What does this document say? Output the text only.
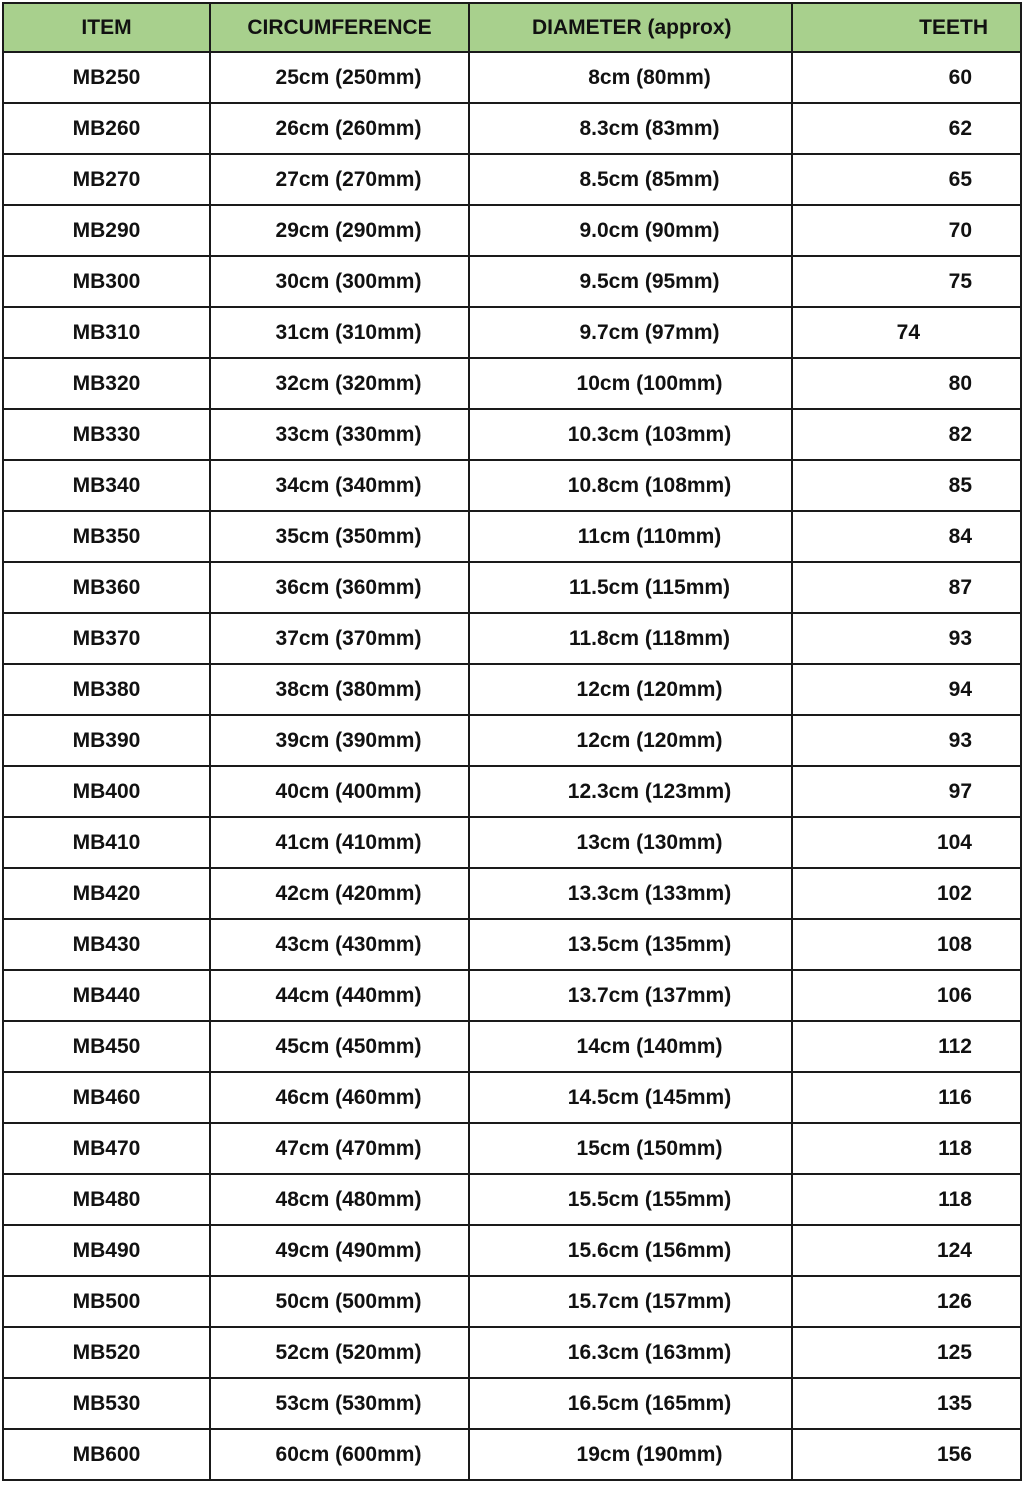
ITEM	CIRCUMFERENCE	DIAMETER (approx)	TEETH
MB250	25cm (250mm)	8cm (80mm)	60
MB260	26cm (260mm)	8.3cm (83mm)	62
MB270	27cm (270mm)	8.5cm (85mm)	65
MB290	29cm (290mm)	9.0cm (90mm)	70
MB300	30cm (300mm)	9.5cm (95mm)	75
MB310	31cm (310mm)	9.7cm (97mm)	74
MB320	32cm (320mm)	10cm (100mm)	80
MB330	33cm (330mm)	10.3cm (103mm)	82
MB340	34cm (340mm)	10.8cm (108mm)	85
MB350	35cm (350mm)	11cm (110mm)	84
MB360	36cm (360mm)	11.5cm (115mm)	87
MB370	37cm (370mm)	11.8cm (118mm)	93
MB380	38cm (380mm)	12cm (120mm)	94
MB390	39cm (390mm)	12cm (120mm)	93
MB400	40cm (400mm)	12.3cm (123mm)	97
MB410	41cm (410mm)	13cm (130mm)	104
MB420	42cm (420mm)	13.3cm (133mm)	102
MB430	43cm (430mm)	13.5cm (135mm)	108
MB440	44cm (440mm)	13.7cm (137mm)	106
MB450	45cm (450mm)	14cm (140mm)	112
MB460	46cm (460mm)	14.5cm (145mm)	116
MB470	47cm (470mm)	15cm (150mm)	118
MB480	48cm (480mm)	15.5cm (155mm)	118
MB490	49cm (490mm)	15.6cm (156mm)	124
MB500	50cm (500mm)	15.7cm (157mm)	126
MB520	52cm (520mm)	16.3cm (163mm)	125
MB530	53cm (530mm)	16.5cm (165mm)	135
MB600	60cm (600mm)	19cm (190mm)	156
